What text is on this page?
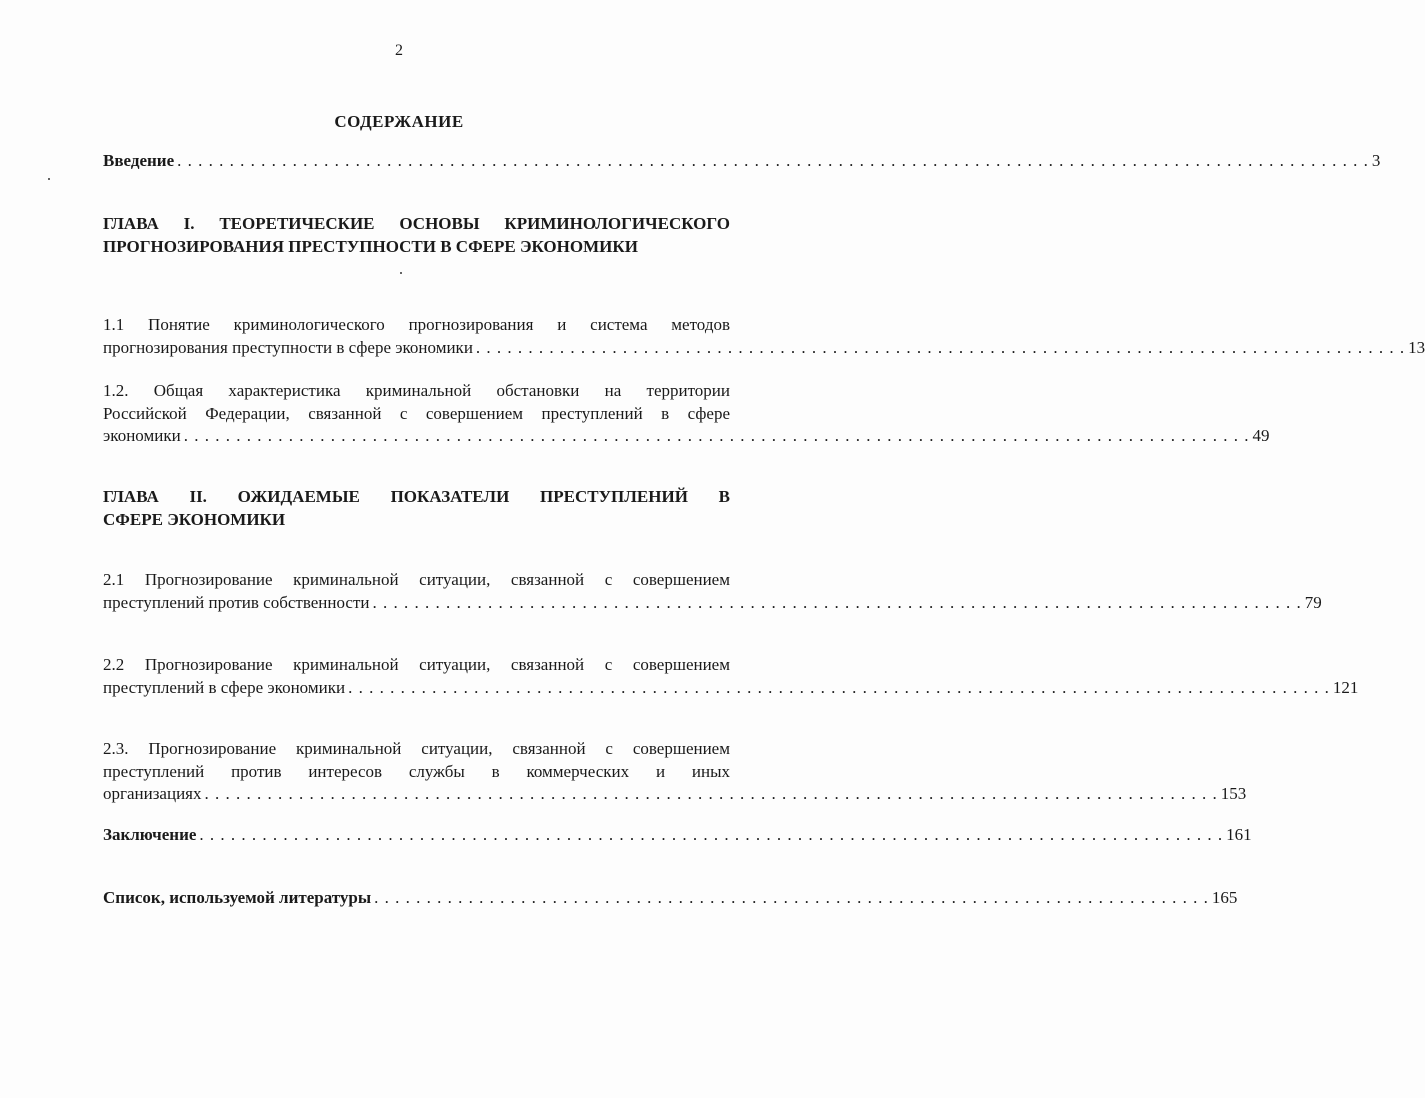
2
СОДЕРЖАНИЕ

Введение . . . . . . . . . . . . . . . . . . . . . . . . . . . . . . . . . . . . . . . . . . . . . . . . . . . . . . . . . . . . . . . . . . . . . . . . . . . . . . . . . . . . . . . . . . . . . . . . . . . . . . . . . . . . . . . . . . 3

ГЛАВА I. ТЕОРЕТИЧЕСКИЕ ОСНОВЫ КРИМИНОЛОГИЧЕСКОГО

ПРОГНОЗИРОВАНИЯ ПРЕСТУПНОСТИ В СФЕРЕ ЭКОНОМИКИ

1.1 Понятие криминологического прогнозирования и система методов

прогнозирования преступности в сфере экономики . . . . . . . . . . . . . . . . . . . . . . . . . . . . . . . . . . . . . . . . . . . . . . . . . . . . . . . . . . . . . . . . . . . . . . . . . . . . . . . . . . . . . . . . . 13

1.2. Общая характеристика криминальной обстановки на территории

Российской Федерации, связанной с совершением преступлений в сфере

экономики . . . . . . . . . . . . . . . . . . . . . . . . . . . . . . . . . . . . . . . . . . . . . . . . . . . . . . . . . . . . . . . . . . . . . . . . . . . . . . . . . . . . . . . . . . . . . . . . . . . . . . 49

ГЛАВА II. ОЖИДАЕМЫЕ ПОКАЗАТЕЛИ ПРЕСТУПЛЕНИЙ В

СФЕРЕ ЭКОНОМИКИ

2.1 Прогнозирование криминальной ситуации, связанной с совершением

преступлений против собственности . . . . . . . . . . . . . . . . . . . . . . . . . . . . . . . . . . . . . . . . . . . . . . . . . . . . . . . . . . . . . . . . . . . . . . . . . . . . . . . . . . . . . . . . . 79

2.2 Прогнозирование криминальной ситуации, связанной с совершением

преступлений в сфере экономики . . . . . . . . . . . . . . . . . . . . . . . . . . . . . . . . . . . . . . . . . . . . . . . . . . . . . . . . . . . . . . . . . . . . . . . . . . . . . . . . . . . . . . . . . . . . . . 121

2.3. Прогнозирование криминальной ситуации, связанной с совершением

преступлений против интересов службы в коммерческих и иных

организациях . . . . . . . . . . . . . . . . . . . . . . . . . . . . . . . . . . . . . . . . . . . . . . . . . . . . . . . . . . . . . . . . . . . . . . . . . . . . . . . . . . . . . . . . . . . . . . . . . 153

Заключение . . . . . . . . . . . . . . . . . . . . . . . . . . . . . . . . . . . . . . . . . . . . . . . . . . . . . . . . . . . . . . . . . . . . . . . . . . . . . . . . . . . . . . . . . . . . . . . . . . 161

Список, используемой литературы . . . . . . . . . . . . . . . . . . . . . . . . . . . . . . . . . . . . . . . . . . . . . . . . . . . . . . . . . . . . . . . . . . . . . . . . . . . . . . . . 165
